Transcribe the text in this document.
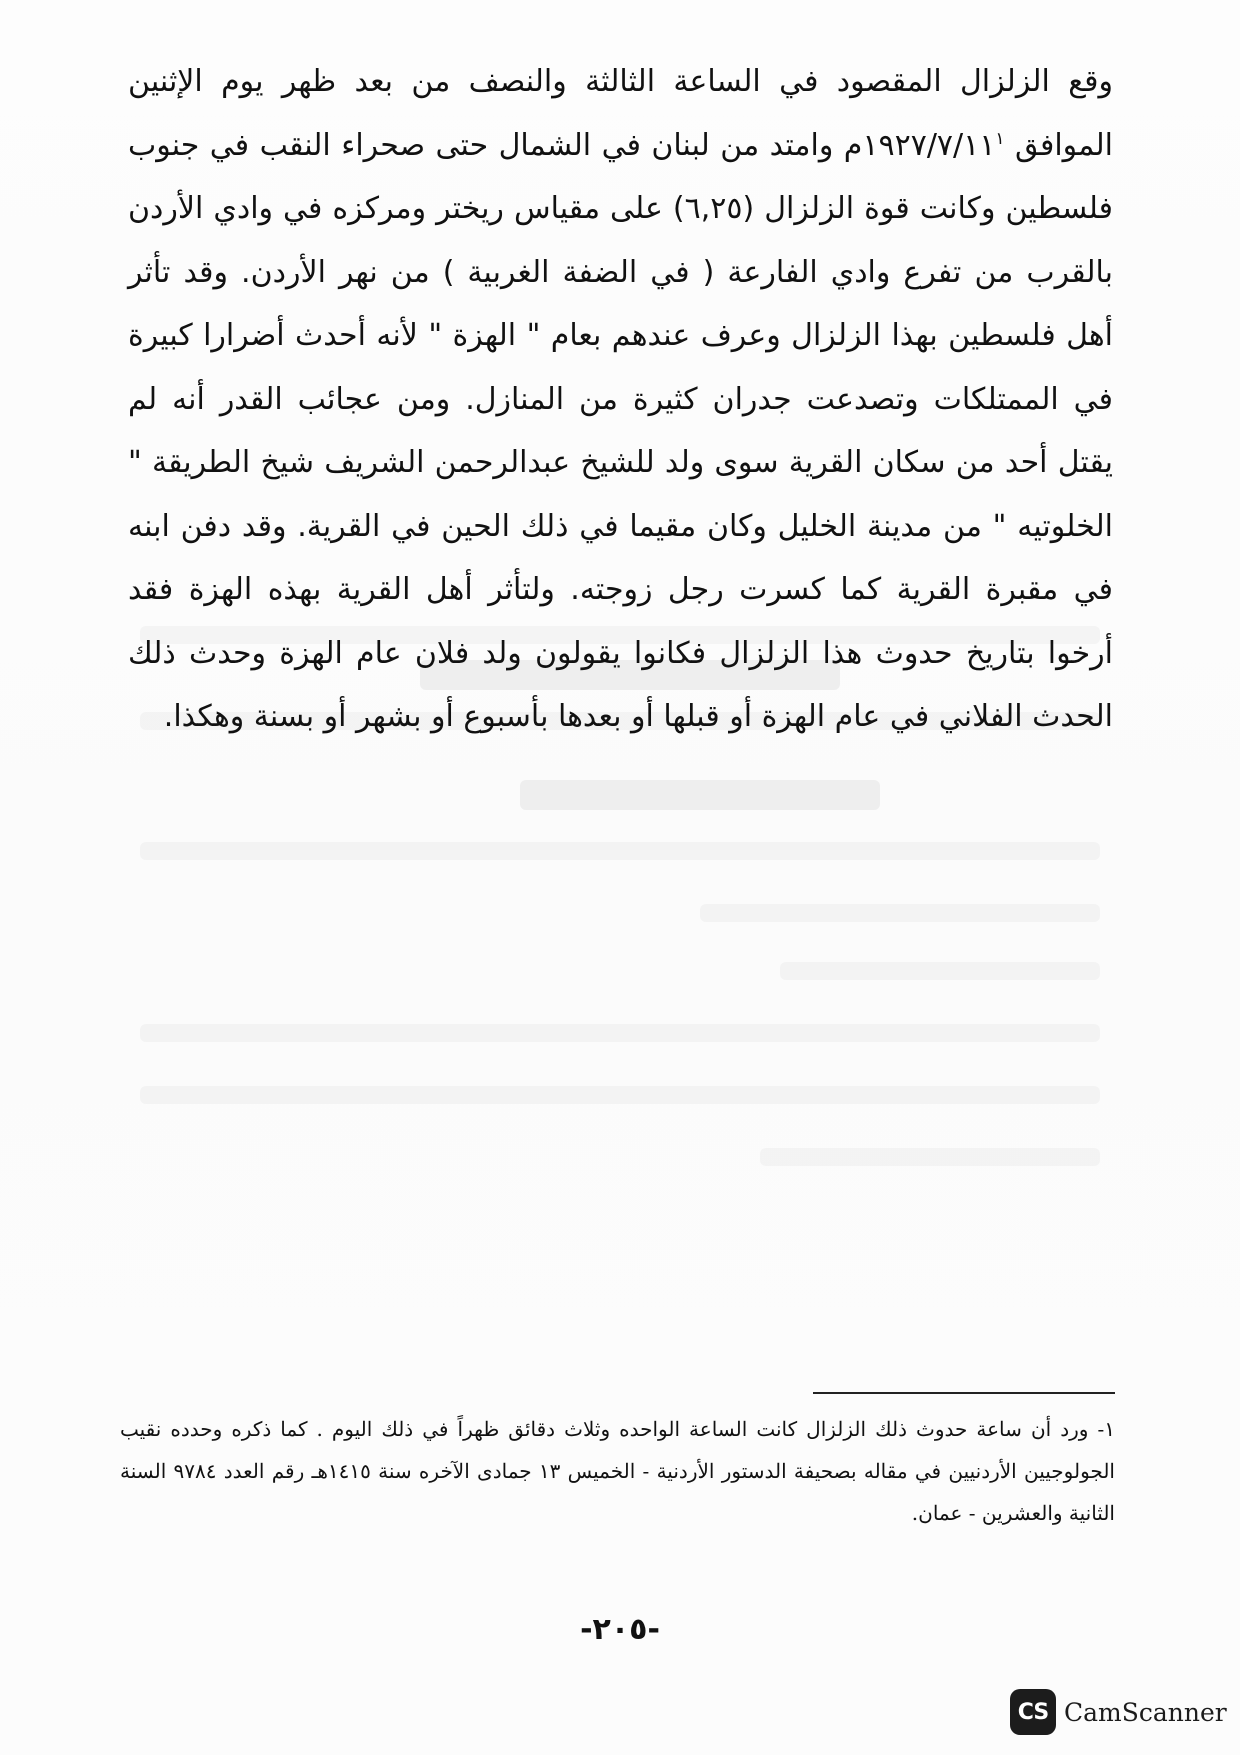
وقع الزلزال المقصود في الساعة الثالثة والنصف من بعد ظهر يوم الإثنين الموافق ١٩٢٧/٧/١١$^١$م وامتد من لبنان في الشمال حتى صحراء النقب في جنوب فلسطين وكانت قوة الزلزال (٦,٢٥) على مقياس ريختر ومركزه في وادي الأردن بالقرب من تفرع وادي الفارعة ( في الضفة الغربية ) من نهر الأردن. وقد تأثر أهل فلسطين بهذا الزلزال وعرف عندهم بعام " الهزة " لأنه أحدث أضرارا كبيرة في الممتلكات وتصدعت جدران كثيرة من المنازل. ومن عجائب القدر أنه لم يقتل أحد من سكان القرية سوى ولد للشيخ عبدالرحمن الشريف شيخ الطريقة " الخلوتيه " من مدينة الخليل وكان مقيما في ذلك الحين في القرية. وقد دفن ابنه في مقبرة القرية كما كسرت رجل زوجته. ولتأثر أهل القرية بهذه الهزة فقد أرخوا بتاريخ حدوث هذا الزلزال فكانوا يقولون ولد فلان عام الهزة وحدث ذلك الحدث الفلاني في عام الهزة أو قبلها أو بعدها بأسبوع أو بشهر أو بسنة وهكذا.

١- ورد أن ساعة حدوث ذلك الزلزال كانت الساعة الواحده وثلاث دقائق ظهراً في ذلك اليوم . كما ذكره وحدده نقيب الجولوجيين الأردنيين في مقاله بصحيفة الدستور الأردنية - الخميس ١٣ جمادى الآخره سنة ١٤١٥هـ رقم العدد ٩٧٨٤ السنة الثانية والعشرين - عمان.

-٢٠٥-
CS CamScanner
